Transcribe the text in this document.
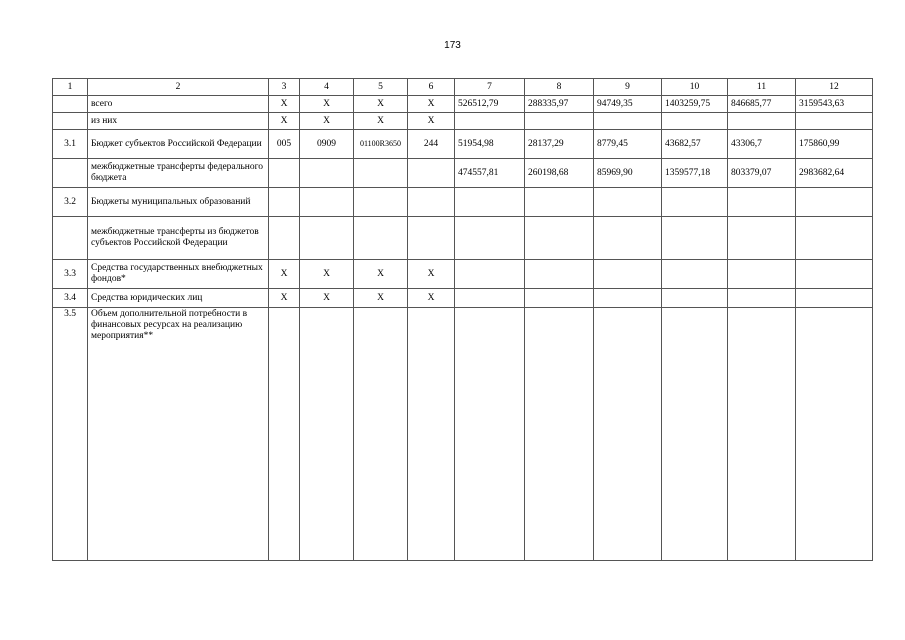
173
1	2	3	4	5	6	7	8	9	10	11	12
	всего	X	X	X	X	526512,79	288335,97	94749,35	1403259,75	846685,77	3159543,63
	из них	X	X	X	X						
3.1	Бюджет субъектов Российской Федерации	005	0909	01100R3650	244	51954,98	28137,29	8779,45	43682,57	43306,7	175860,99
	межбюджетные трансферты федерального бюджета					474557,81	260198,68	85969,90	1359577,18	803379,07	2983682,64
3.2	Бюджеты муниципальных образований										
	межбюджетные трансферты из бюджетов субъектов Российской Федерации										
3.3	Средства государственных внебюджетных фондов*	X	X	X	X						
3.4	Средства юридических лиц	X	X	X	X						
3.5	Объем дополнительной потребности в финансовых ресурсах на реализацию мероприятия**										
